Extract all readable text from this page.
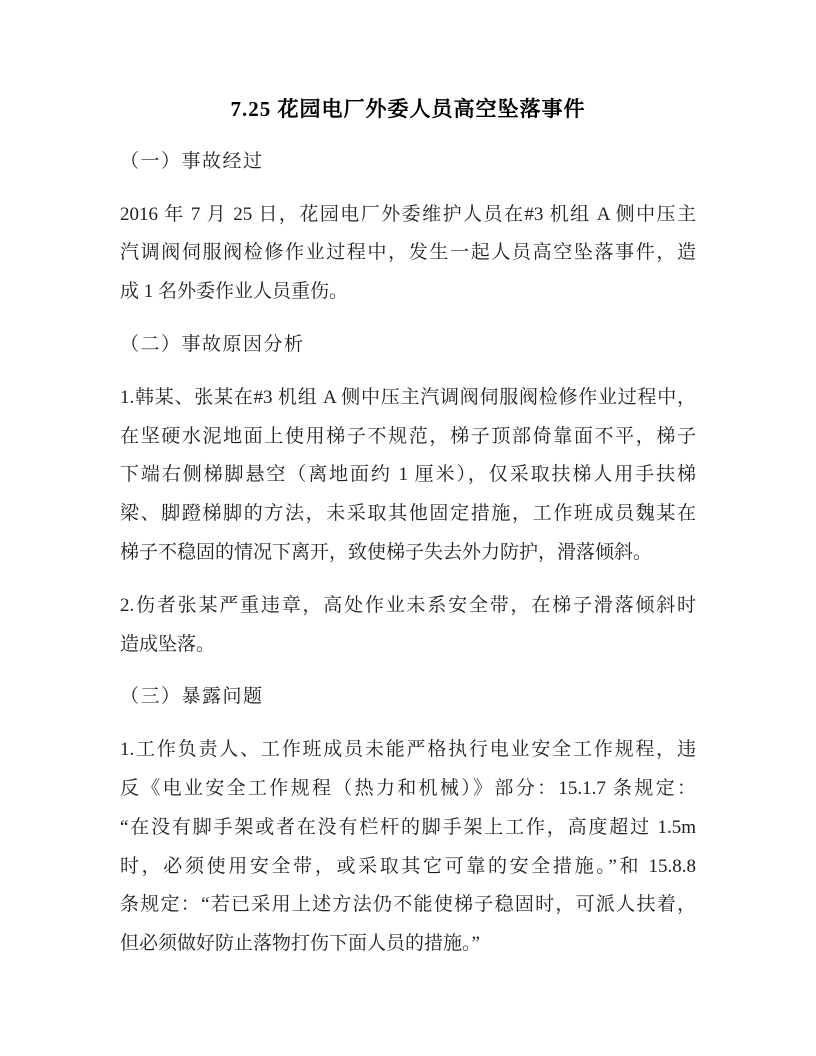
7.25 花园电厂外委人员高空坠落事件
（一）事故经过
2016 年 7 月 25 日，花园电厂外委维护人员在#3 机组 A 侧中压主
汽调阀伺服阀检修作业过程中，发生一起人员高空坠落事件，造
成 1 名外委作业人员重伤。
（二）事故原因分析
1.韩某、张某在#3 机组 A 侧中压主汽调阀伺服阀检修作业过程中，
在坚硬水泥地面上使用梯子不规范，梯子顶部倚靠面不平，梯子
下端右侧梯脚悬空（离地面约 1 厘米），仅采取扶梯人用手扶梯
梁、脚蹬梯脚的方法，未采取其他固定措施，工作班成员魏某在
梯子不稳固的情况下离开，致使梯子失去外力防护，滑落倾斜。
2.伤者张某严重违章，高处作业未系安全带，在梯子滑落倾斜时
造成坠落。
（三）暴露问题
1.工作负责人、工作班成员未能严格执行电业安全工作规程，违
反《电业安全工作规程（热力和机械）》部分：15.1.7 条规定：
“在没有脚手架或者在没有栏杆的脚手架上工作，高度超过 1.5m
时，必须使用安全带，或采取其它可靠的安全措施。”和 15.8.8
条规定：“若已采用上述方法仍不能使梯子稳固时，可派人扶着，
但必须做好防止落物打伤下面人员的措施。”
